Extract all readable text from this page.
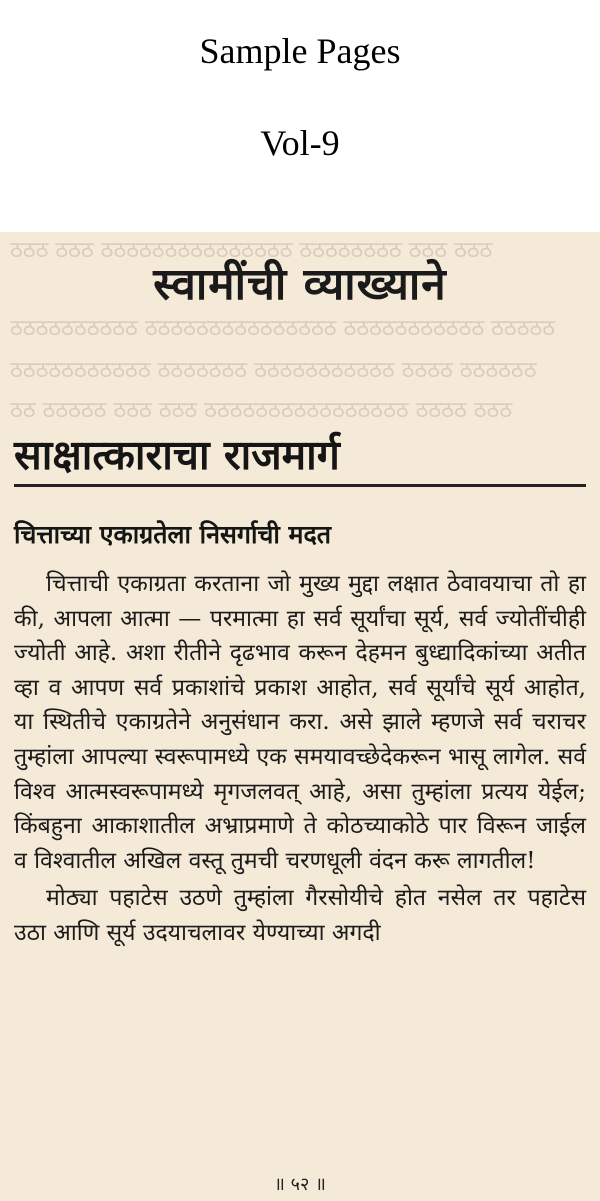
Sample Pages
Vol-9
ठठठ ठठठ ठठठठठठठठठठठठठठठ ठठठठठठठठ ठठठ ठठठ
ठठठठठठठठठठ ठठठठठठठठठठठठठठठ ठठठठठठठठठठठ ठठठठठ
ठठठठठठठठठठठ ठठठठठठठ ठठठठठठठठठठठ ठठठठ ठठठठठठ
ठठ ठठठठठ ठठठ ठठठ ठठठठठठठठठठठठठठठठ ठठठठ ठठठ
स्वामींची व्याख्याने
साक्षात्काराचा राजमार्ग
चित्ताच्या एकाग्रतेला निसर्गाची मदत

चित्ताची एकाग्रता करताना जो मुख्य मुद्दा लक्षात ठेवावयाचा तो हा की, आपला आत्मा — परमात्मा हा सर्व सूर्यांचा सूर्य, सर्व ज्योतींचीही ज्योती आहे. अशा रीतीने दृढभाव करून देहमन बुध्द्यादिकांच्या अतीत व्हा व आपण सर्व प्रकाशांचे प्रकाश आहोत, सर्व सूर्यांचे सूर्य आहोत, या स्थितीचे एकाग्रतेने अनुसंधान करा. असे झाले म्हणजे सर्व चराचर तुम्हांला आपल्या स्वरूपामध्ये एक समयावच्छेदेकरून भासू लागेल. सर्व विश्व आत्मस्वरूपामध्ये मृगजलवत् आहे, असा तुम्हांला प्रत्यय येईल; किंबहुना आकाशातील अभ्राप्रमाणे ते कोठच्याकोठे पार विरून जाईल व विश्वातील अखिल वस्तू तुमची चरणधूली वंदन करू लागतील!

मोठ्या पहाटेस उठणे तुम्हांला गैरसोयीचे होत नसेल तर पहाटेस उठा आणि सूर्य उदयाचलावर येण्याच्या अगदी

॥ ५२ ॥
